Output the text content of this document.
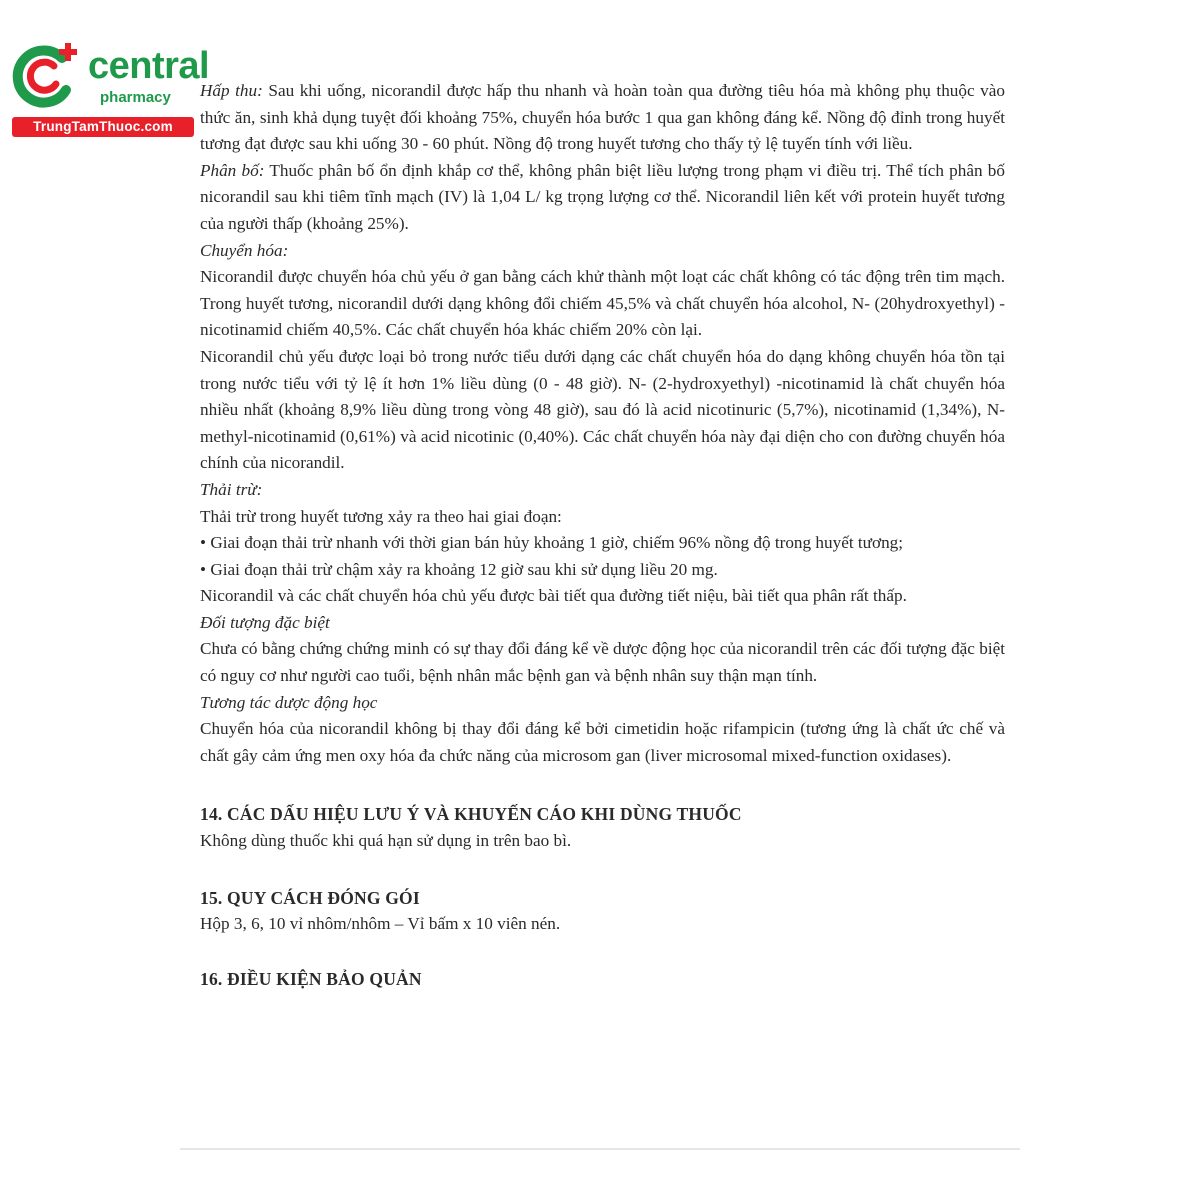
central
pharmacy
TrungTamThuoc.com

Hấp thu: Sau khi uống, nicorandil được hấp thu nhanh và hoàn toàn qua đường tiêu hóa mà không phụ thuộc vào thức ăn, sinh khả dụng tuyệt đối khoảng 75%, chuyển hóa bước 1 qua gan không đáng kể. Nồng độ đỉnh trong huyết tương đạt được sau khi uống 30 - 60 phút. Nồng độ trong huyết tương cho thấy tỷ lệ tuyến tính với liều.

Phân bố: Thuốc phân bố ổn định khắp cơ thể, không phân biệt liều lượng trong phạm vi điều trị. Thể tích phân bố nicorandil sau khi tiêm tĩnh mạch (IV) là 1,04 L/ kg trọng lượng cơ thể. Nicorandil liên kết với protein huyết tương của người thấp (khoảng 25%).

Chuyển hóa:

Nicorandil được chuyển hóa chủ yếu ở gan bằng cách khử thành một loạt các chất không có tác động trên tim mạch. Trong huyết tương, nicorandil dưới dạng không đổi chiếm 45,5% và chất chuyển hóa alcohol, N- (20hydroxyethyl) - nicotinamid chiếm 40,5%. Các chất chuyển hóa khác chiếm 20% còn lại.

Nicorandil chủ yếu được loại bỏ trong nước tiểu dưới dạng các chất chuyển hóa do dạng không chuyển hóa tồn tại trong nước tiểu với tỷ lệ ít hơn 1% liều dùng (0 - 48 giờ). N- (2-hydroxyethyl) -nicotinamid là chất chuyển hóa nhiều nhất (khoảng 8,9% liều dùng trong vòng 48 giờ), sau đó là acid nicotinuric (5,7%), nicotinamid (1,34%), N-methyl-nicotinamid (0,61%) và acid nicotinic (0,40%). Các chất chuyển hóa này đại diện cho con đường chuyển hóa chính của nicorandil.

Thải trừ:

Thải trừ trong huyết tương xảy ra theo hai giai đoạn:

• Giai đoạn thải trừ nhanh với thời gian bán hủy khoảng 1 giờ, chiếm 96% nồng độ trong huyết tương;

• Giai đoạn thải trừ chậm xảy ra khoảng 12 giờ sau khi sử dụng liều 20 mg.

Nicorandil và các chất chuyển hóa chủ yếu được bài tiết qua đường tiết niệu, bài tiết qua phân rất thấp.

Đối tượng đặc biệt

Chưa có bằng chứng chứng minh có sự thay đổi đáng kể về dược động học của nicorandil trên các đối tượng đặc biệt có nguy cơ như người cao tuổi, bệnh nhân mắc bệnh gan và bệnh nhân suy thận mạn tính.

Tương tác dược động học

Chuyển hóa của nicorandil không bị thay đổi đáng kể bởi cimetidin hoặc rifampicin (tương ứng là chất ức chế và chất gây cảm ứng men oxy hóa đa chức năng của microsom gan (liver microsomal mixed-function oxidases).

14. CÁC DẤU HIỆU LƯU Ý VÀ KHUYẾN CÁO KHI DÙNG THUỐC

Không dùng thuốc khi quá hạn sử dụng in trên bao bì.

15. QUY CÁCH ĐÓNG GÓI

Hộp 3, 6, 10 vỉ nhôm/nhôm – Vỉ bấm x 10 viên nén.

16. ĐIỀU KIỆN BẢO QUẢN
